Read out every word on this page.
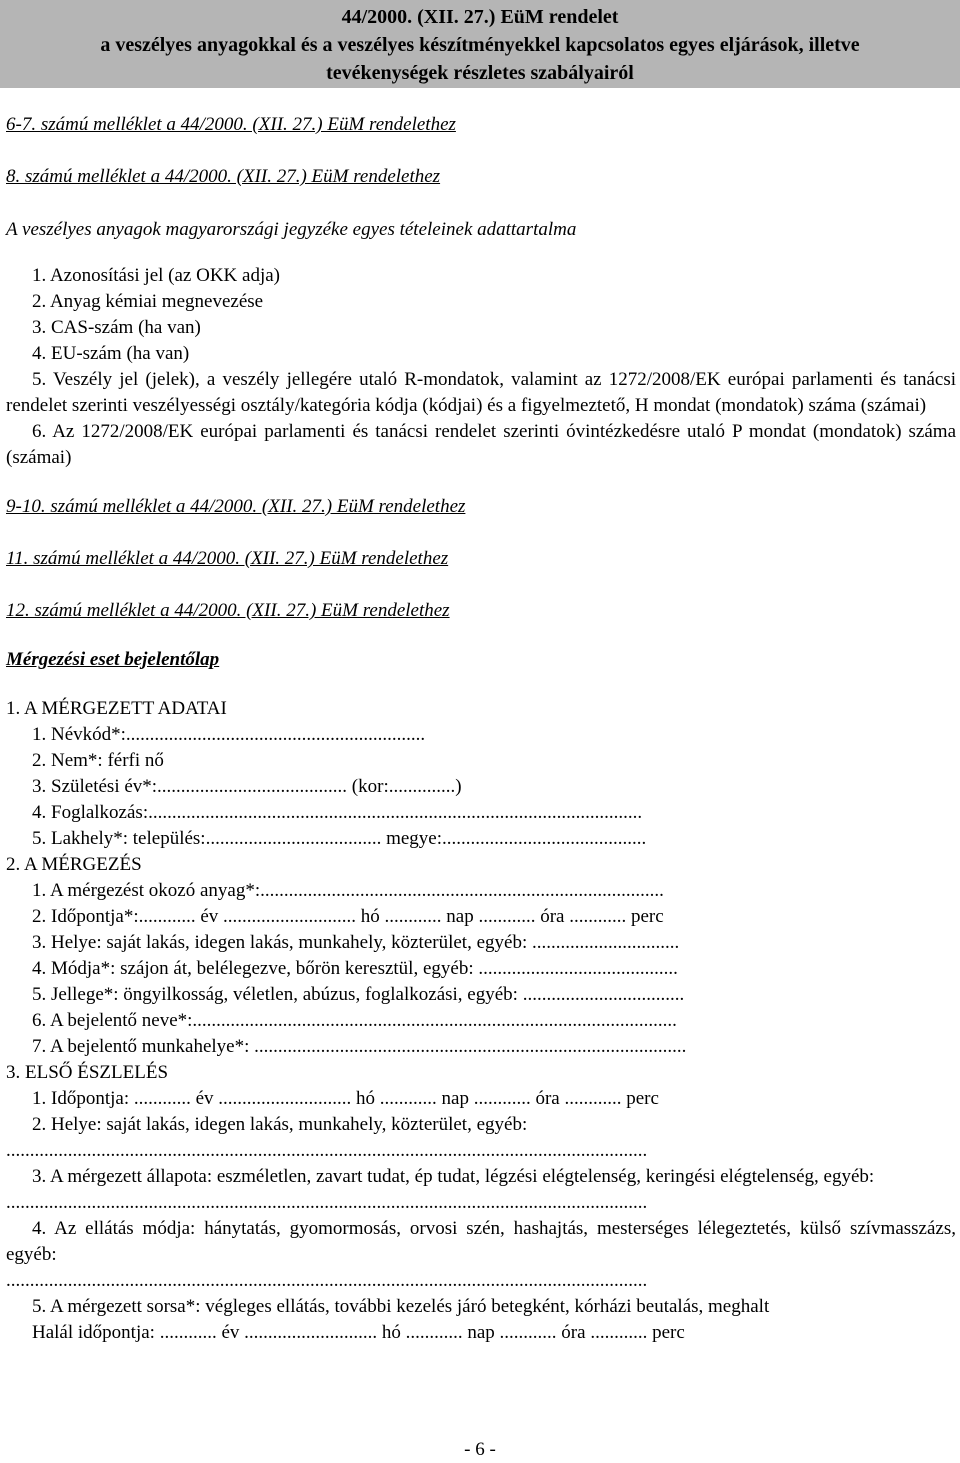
44/2000. (XII. 27.) EüM rendelet
a veszélyes anyagokkal és a veszélyes készítményekkel kapcsolatos egyes eljárások, illetve
tevékenységek részletes szabályairól

6-7. számú melléklet a 44/2000. (XII. 27.) EüM rendelethez

8. számú melléklet a 44/2000. (XII. 27.) EüM rendelethez

A veszélyes anyagok magyarországi jegyzéke egyes tételeinek adattartalma

1. Azonosítási jel (az OKK adja)

2. Anyag kémiai megnevezése

3. CAS-szám (ha van)

4. EU-szám (ha van)

5. Veszély jel (jelek), a veszély jellegére utaló R-mondatok, valamint az 1272/2008/EK európai parlamenti és tanácsi rendelet szerinti veszélyességi osztály/kategória kódja (kódjai) és a figyelmeztető, H mondat (mondatok) száma (számai)

6. Az 1272/2008/EK európai parlamenti és tanácsi rendelet szerinti óvintézkedésre utaló P mondat (mondatok) száma (számai)

9-10. számú melléklet a 44/2000. (XII. 27.) EüM rendelethez

11. számú melléklet a 44/2000. (XII. 27.) EüM rendelethez

12. számú melléklet a 44/2000. (XII. 27.) EüM rendelethez

Mérgezési eset bejelentőlap

1. A MÉRGEZETT ADATAI

1. Névkód*:...............................................................

2. Nem*: férfi nő

3. Születési év*:........................................ (kor:..............)

4. Foglalkozás:........................................................................................................

5. Lakhely*: település:..................................... megye:...........................................

2. A MÉRGEZÉS

1. A mérgezést okozó anyag*:.....................................................................................

2. Időpontja*:............ év ............................ hó ............ nap ............ óra ............ perc

3. Helye: saját lakás, idegen lakás, munkahely, közterület, egyéb: ...............................

4. Módja*: szájon át, belélegezve, bőrön keresztül, egyéb: ..........................................

5. Jellege*: öngyilkosság, véletlen, abúzus, foglalkozási, egyéb: ..................................

6. A bejelentő neve*:......................................................................................................

7. A bejelentő munkahelye*: ...........................................................................................

3. ELSŐ ÉSZLELÉS

1. Időpontja: ............ év ............................ hó ............ nap ............ óra ............ perc

2. Helye: saját lakás, idegen lakás, munkahely, közterület, egyéb:

.......................................................................................................................................

3. A mérgezett állapota: eszméletlen, zavart tudat, ép tudat, légzési elégtelenség, keringési elégtelenség, egyéb:

.......................................................................................................................................

4. Az ellátás módja: hánytatás, gyomormosás, orvosi szén, hashajtás, mesterséges lélegeztetés, külső szívmasszázs, egyéb:

.......................................................................................................................................

5. A mérgezett sorsa*: végleges ellátás, további kezelés járó betegként, kórházi beutalás, meghalt

Halál időpontja: ............ év ............................ hó ............ nap ............ óra ............ perc

- 6 -
